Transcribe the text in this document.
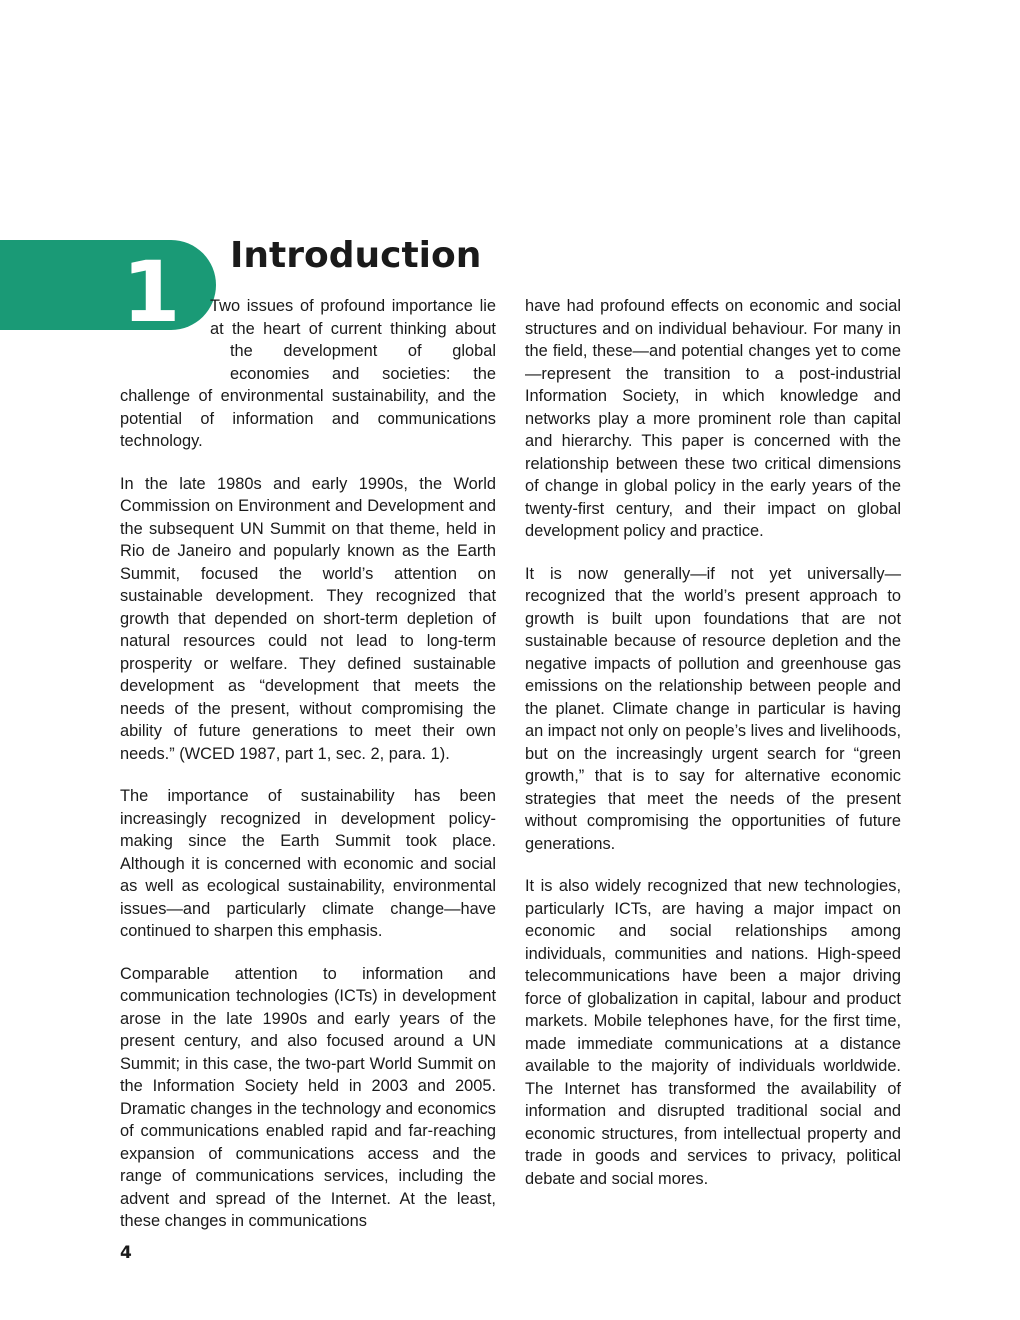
1 Introduction

Two issues of profound importance lie at the heart of current thinking about the development of global economies and societies: the challenge of environmental sustainability, and the potential of information and communications technology.

In the late 1980s and early 1990s, the World Commission on Environment and Development and the subsequent UN Summit on that theme, held in Rio de Janeiro and popularly known as the Earth Summit, focused the world’s attention on sustainable development. They recognized that growth that depended on short-term depletion of natural resources could not lead to long-term prosperity or welfare. They defined sustainable development as “development that meets the needs of the present, without compromising the ability of future generations to meet their own needs.” (WCED 1987, part 1, sec. 2, para. 1).

The importance of sustainability has been increasingly recognized in development policy-making since the Earth Summit took place. Although it is concerned with economic and social as well as ecological sustainability, environmental issues—and particularly climate change—have continued to sharpen this emphasis.

Comparable attention to information and communication technologies (ICTs) in development arose in the late 1990s and early years of the present century, and also focused around a UN Summit; in this case, the two-part World Summit on the Information Society held in 2003 and 2005. Dramatic changes in the technology and economics of communications enabled rapid and far-reaching expansion of communications access and the range of communications services, including the advent and spread of the Internet. At the least, these changes in communications

have had profound effects on economic and social structures and on individual behaviour. For many in the field, these—and potential changes yet to come—represent the transition to a post-industrial Information Society, in which knowledge and networks play a more prominent role than capital and hierarchy. This paper is concerned with the relationship between these two critical dimensions of change in global policy in the early years of the twenty-first century, and their impact on global development policy and practice.

It is now generally—if not yet universally—recognized that the world’s present approach to growth is built upon foundations that are not sustainable because of resource depletion and the negative impacts of pollution and greenhouse gas emissions on the relationship between people and the planet. Climate change in particular is having an impact not only on people’s lives and livelihoods, but on the increasingly urgent search for “green growth,” that is to say for alternative economic strategies that meet the needs of the present without compromising the opportunities of future generations.

It is also widely recognized that new technologies, particularly ICTs, are having a major impact on economic and social relationships among individuals, communities and nations. High-speed telecommunications have been a major driving force of globalization in capital, labour and product markets. Mobile telephones have, for the first time, made immediate communications at a distance available to the majority of individuals worldwide. The Internet has transformed the availability of information and disrupted traditional social and economic structures, from intellectual property and trade in goods and services to privacy, political debate and social mores.

4
